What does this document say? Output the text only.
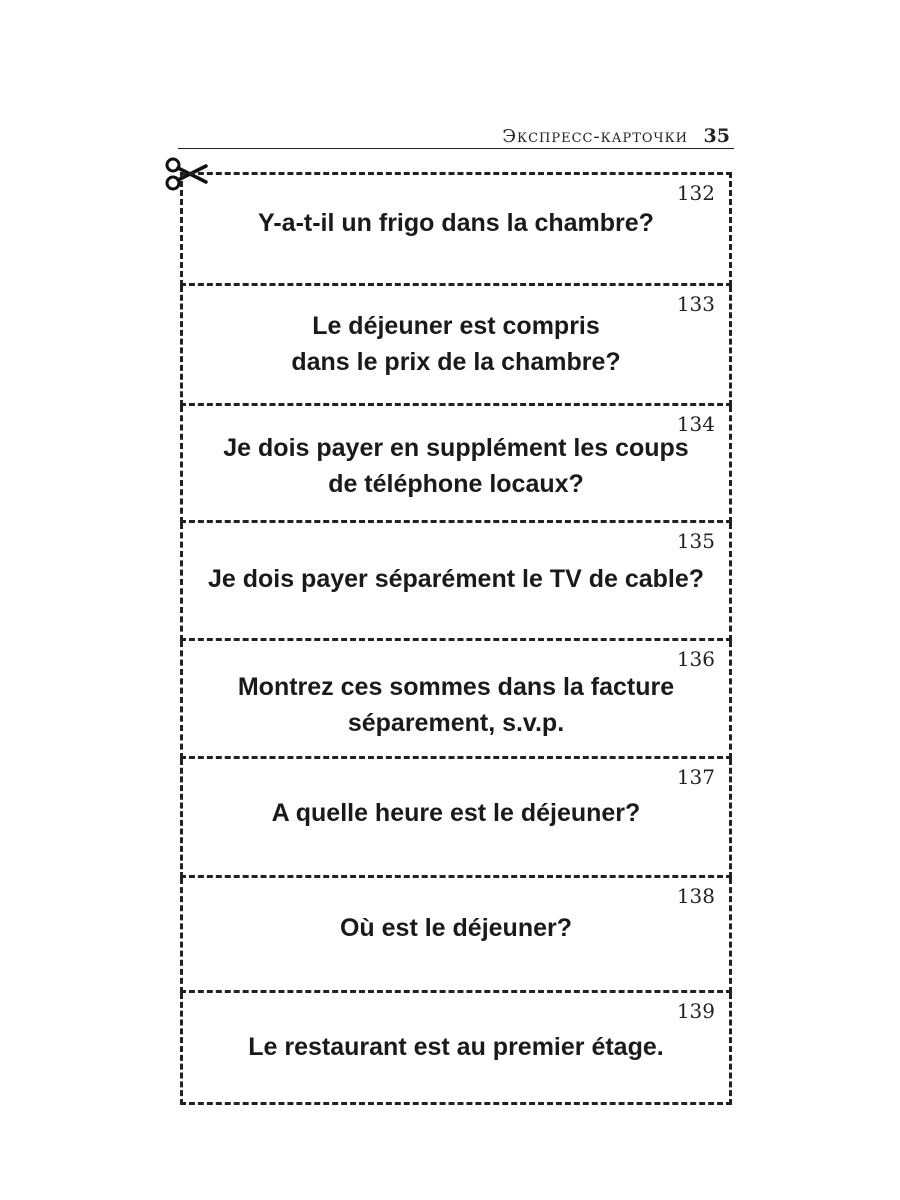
Экспресс-карточки 35
132
Y-a-t-il un frigo dans la chambre?
133
Le déjeuner est compris
dans le prix de la chambre?
134
Je dois payer en supplément les coups
de téléphone locaux?
135
Je dois payer séparément le TV de cable?
136
Montrez ces sommes dans la facture
séparement, s.v.p.
137
A quelle heure est le déjeuner?
138
Où est le déjeuner?
139
Le restaurant est au premier étage.
